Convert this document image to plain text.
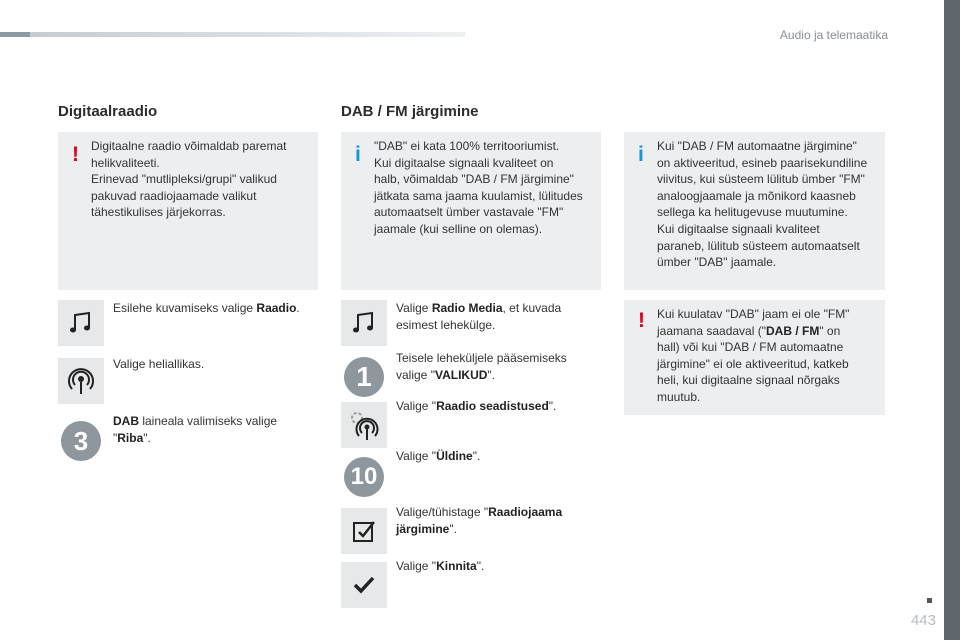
Audio ja telemaatika
443
Digitaalraadio
! Digitaalne raadio võimaldab paremat
helikvaliteeti.
Erinevad "mutlipleksi/grupi" valikud
pakuvad raadiojaamade valikut
tähestikulises järjekorras.
Esilehe kuvamiseks valige Raadio.
Valige heliallikas.
3
DAB laineala valimiseks valige
"Riba".
DAB / FM järgimine
i "DAB" ei kata 100% territooriumist.
Kui digitaalse signaali kvaliteet on
halb, võimaldab "DAB / FM järgimine"
jätkata sama jaama kuulamist, lülitudes
automaatselt ümber vastavale "FM"
jaamale (kui selline on olemas).
Valige Radio Media, et kuvada
esimest lehekülge.
1
Teisele leheküljele pääsemiseks
valige "VALIKUD".
Valige "Raadio seadistused".
10
Valige "Üldine".
Valige/tühistage "Raadiojaama
järgimine".
Valige "Kinnita".
i Kui "DAB / FM automaatne järgimine"
on aktiveeritud, esineb paarisekundiline
viivitus, kui süsteem lülitub ümber "FM"
analoogjaamale ja mõnikord kaasneb
sellega ka helitugevuse muutumine.
Kui digitaalse signaali kvaliteet
paraneb, lülitub süsteem automaatselt
ümber "DAB" jaamale.
! Kui kuulatav "DAB" jaam ei ole "FM"
jaamana saadaval ("DAB / FM" on
hall) või kui "DAB / FM automaatne
järgimine" ei ole aktiveeritud, katkeb
heli, kui digitaalne signaal nõrgaks
muutub.
